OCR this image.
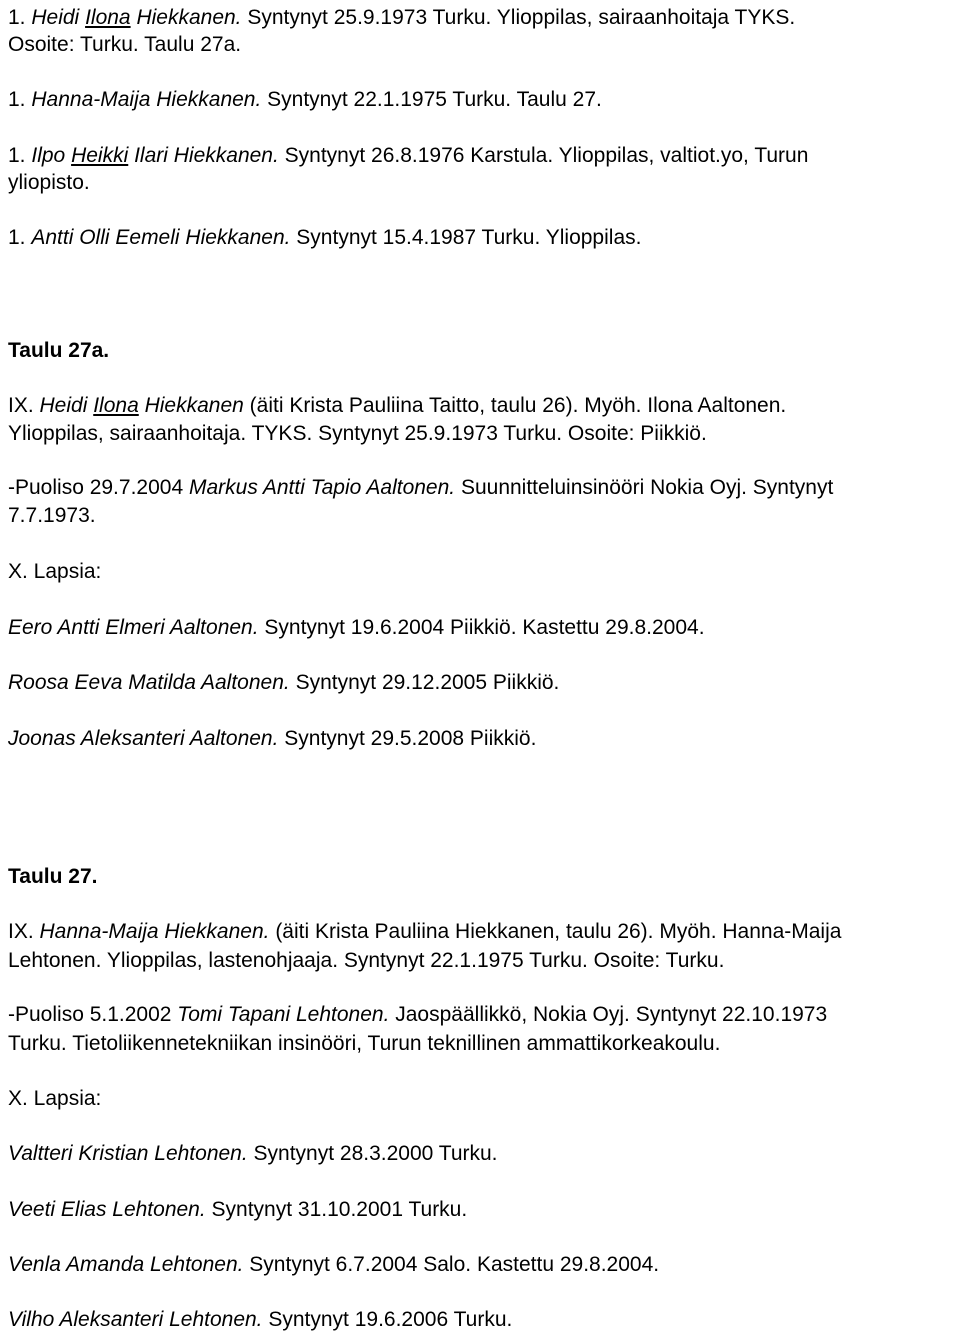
1. Heidi Ilona Hiekkanen. Syntynyt 25.9.1973 Turku. Ylioppilas, sairaanhoitaja TYKS.
Osoite: Turku. Taulu 27a.
1. Hanna-Maija Hiekkanen. Syntynyt 22.1.1975 Turku. Taulu 27.
1. Ilpo Heikki Ilari Hiekkanen. Syntynyt 26.8.1976 Karstula. Ylioppilas, valtiot.yo, Turun
yliopisto.
1. Antti Olli Eemeli Hiekkanen. Syntynyt 15.4.1987 Turku. Ylioppilas.
Taulu 27a.
IX. Heidi Ilona Hiekkanen (äiti Krista Pauliina Taitto, taulu 26). Myöh. Ilona Aaltonen.
Ylioppilas, sairaanhoitaja. TYKS. Syntynyt 25.9.1973 Turku. Osoite: Piikkiö.
-Puoliso 29.7.2004 Markus Antti Tapio Aaltonen. Suunnitteluinsinööri Nokia Oyj. Syntynyt
7.7.1973.
X. Lapsia:
Eero Antti Elmeri Aaltonen. Syntynyt 19.6.2004 Piikkiö. Kastettu 29.8.2004.
Roosa Eeva Matilda Aaltonen. Syntynyt 29.12.2005 Piikkiö.
Joonas Aleksanteri Aaltonen. Syntynyt 29.5.2008 Piikkiö.
Taulu 27.
IX. Hanna-Maija Hiekkanen. (äiti Krista Pauliina Hiekkanen, taulu 26). Myöh. Hanna-Maija
Lehtonen. Ylioppilas, lastenohjaaja. Syntynyt 22.1.1975 Turku. Osoite: Turku.
-Puoliso 5.1.2002 Tomi Tapani Lehtonen. Jaospäällikkö, Nokia Oyj. Syntynyt 22.10.1973
Turku. Tietoliikennetekniikan insinööri, Turun teknillinen ammattikorkeakoulu.
X. Lapsia:
Valtteri Kristian Lehtonen. Syntynyt 28.3.2000 Turku.
Veeti Elias Lehtonen. Syntynyt 31.10.2001 Turku.
Venla Amanda Lehtonen. Syntynyt 6.7.2004 Salo. Kastettu 29.8.2004.
Vilho Aleksanteri Lehtonen. Syntynyt 19.6.2006 Turku.
